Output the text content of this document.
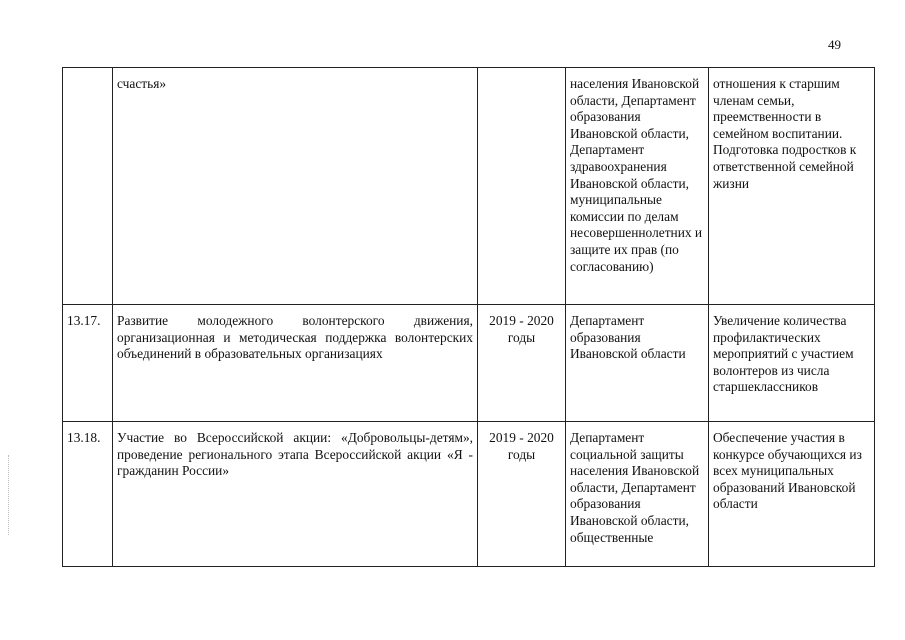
49
	счастья»		населения Ивановской области, Департамент образования Ивановской области, Департамент здравоохранения Ивановской области, муниципальные комиссии по делам несовершеннолетних и защите их прав (по согласованию)	отношения к старшим членам семьи, преемственности в семейном воспитании. Подготовка подростков к ответственной семейной жизни
13.17.	Развитие молодежного волонтерского движения, организационная и методическая поддержка волонтерских объединений в образовательных организациях	2019 - 2020 годы	Департамент образования Ивановской области	Увеличение количества профилактических мероприятий с участием волонтеров из числа старшеклассников
13.18.	Участие во Всероссийской акции: «Добровольцы-детям», проведение регионального этапа Всероссийской акции «Я - гражданин России»	2019 - 2020 годы	Департамент социальной защиты населения Ивановской области, Департамент образования Ивановской области, общественные	Обеспечение участия в конкурсе обучающихся из всех муниципальных образований Ивановской области
